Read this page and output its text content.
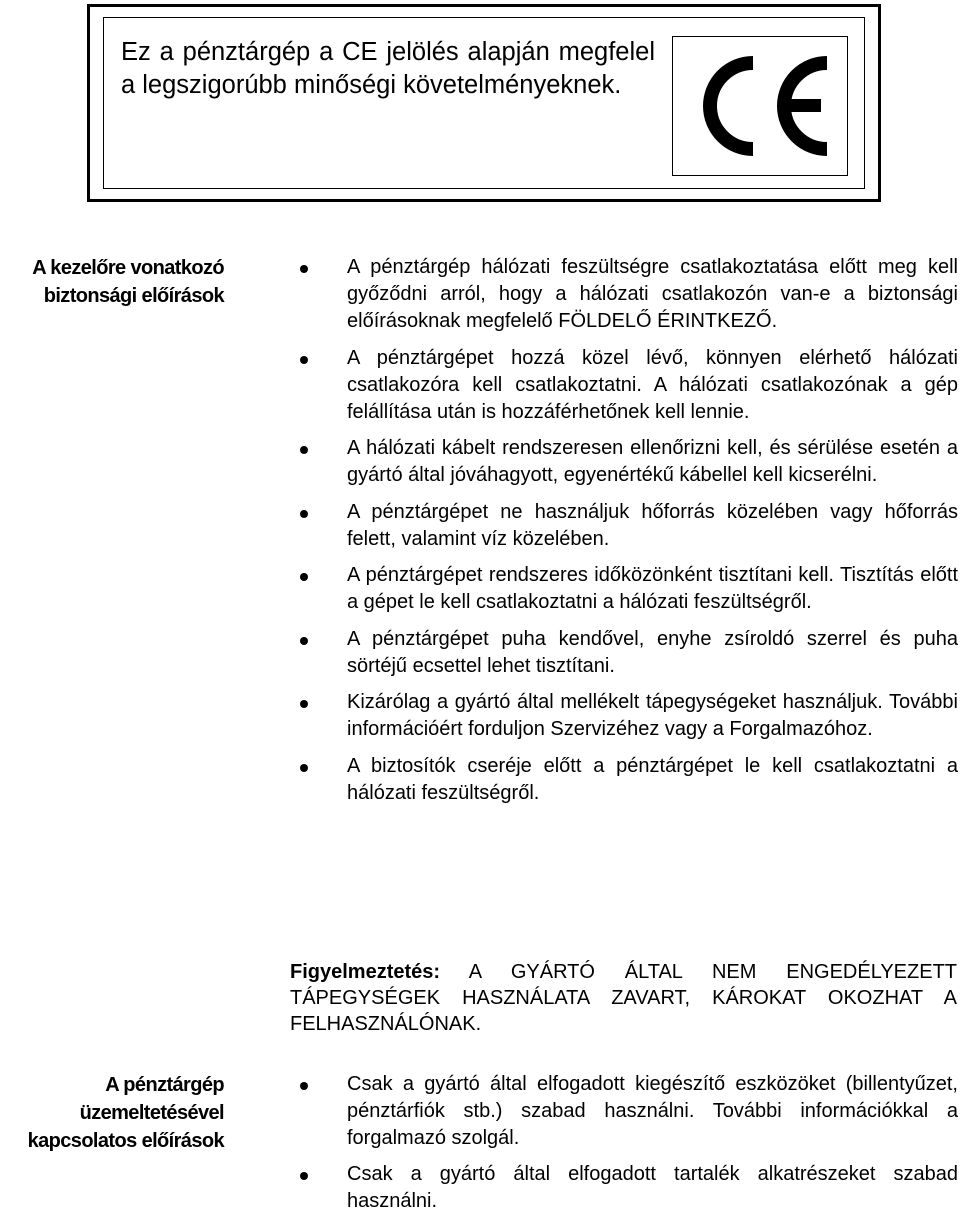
Ez a pénztárgép a CE jelölés alapján megfelel a legszigorúbb minőségi követelményeknek.
A kezelőre vonatkozó biztonsági előírások
A pénztárgép hálózati feszültségre csatlakoztatása előtt meg kell győződni arról, hogy a hálózati csatlakozón van-e a biztonsági előírásoknak megfelelő FÖLDELŐ ÉRINTKEZŐ.
A pénztárgépet hozzá közel lévő, könnyen elérhető hálózati csatlakozóra kell csatlakoztatni. A hálózati csatlakozónak a gép felállítása után is hozzáférhetőnek kell lennie.
A hálózati kábelt rendszeresen ellenőrizni kell, és sérülése esetén a gyártó által jóváhagyott, egyenértékű kábellel kell kicserélni.
A pénztárgépet ne használjuk hőforrás közelében vagy hőforrás felett, valamint víz közelében.
A pénztárgépet rendszeres időközönként tisztítani kell. Tisztítás előtt a gépet le kell csatlakoztatni a hálózati feszültségről.
A pénztárgépet puha kendővel, enyhe zsíroldó szerrel és puha sörtéjű ecsettel lehet tisztítani.
Kizárólag a gyártó által mellékelt tápegységeket használjuk. További információért forduljon Szervizéhez vagy a Forgalmazóhoz.
A biztosítók cseréje előtt a pénztárgépet le kell csatlakoztatni a hálózati feszültségről.
Figyelmeztetés: A GYÁRTÓ ÁLTAL NEM ENGEDÉLYEZETT TÁPEGYSÉGEK HASZNÁLATA ZAVART, KÁROKAT OKOZHAT A FELHASZNÁLÓNAK.
A pénztárgép üzemeltetésével kapcsolatos előírások
Csak a gyártó által elfogadott kiegészítő eszközöket (billentyűzet, pénztárfiók stb.) szabad használni. További információkkal a forgalmazó szolgál.
Csak a gyártó által elfogadott tartalék alkatrészeket szabad használni.
